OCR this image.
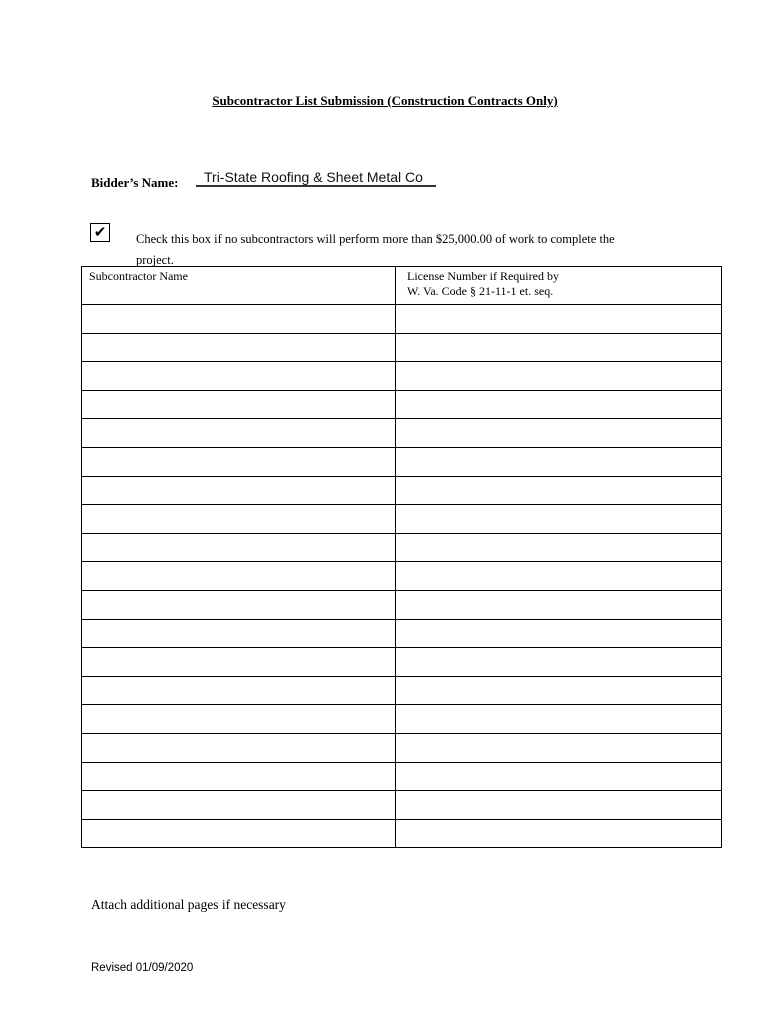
Subcontractor List Submission (Construction Contracts Only)
Bidder’s Name:	Tri-State Roofing & Sheet Metal Co
✔ Check this box if no subcontractors will perform more than $25,000.00 of work to complete the
project.
Subcontractor Name	License Number if Required by
W. Va. Code § 21-11-1 et. seq.

Attach additional pages if necessary
Revised 01/09/2020
